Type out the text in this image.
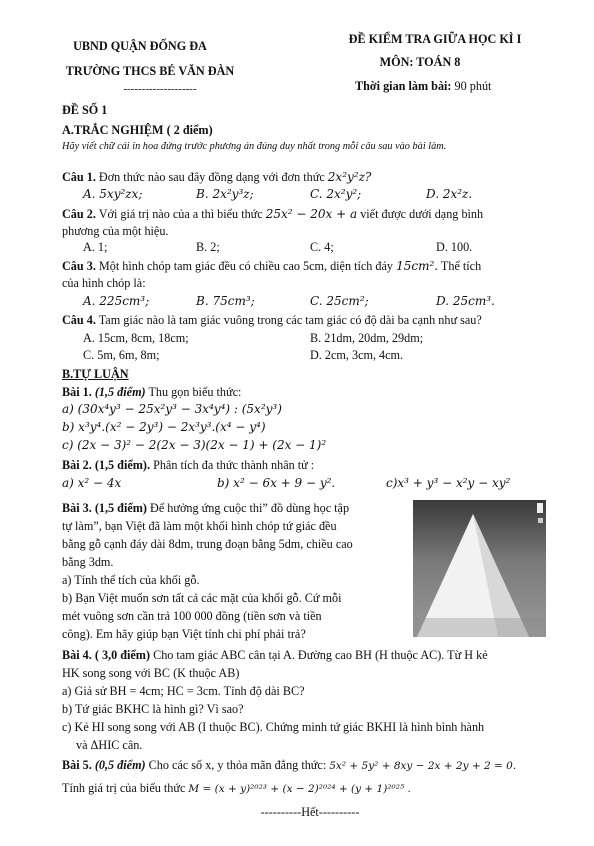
UBND QUẬN ĐỐNG ĐA
TRƯỜNG THCS BÉ VĂN ĐÀN
--------------------
ĐỀ KIỂM TRA GIỮA HỌC KÌ I
MÔN: TOÁN 8
Thời gian làm bài: 90 phút
ĐỀ SỐ 1
A.TRẮC NGHIỆM ( 2 điểm)
Hãy viết chữ cái in hoa đứng trước phương án đúng duy nhất trong mỗi câu sau vào bài làm.
Câu 1. Đơn thức nào sau đây đồng dạng với đơn thức 2x²y²z?
A. 5xy²zx;	B. 2x²y³z;	C. 2x²y²;	D. 2x²z.
Câu 2. Với giá trị nào của a thì biểu thức 25x² − 20x + a viết được dưới dạng bình
phương của một hiệu.
A. 1;	B. 2;	C. 4;	D. 100.
Câu 3. Một hình chóp tam giác đều có chiều cao 5cm, diện tích đáy 15cm². Thể tích
của hình chóp là:
A. 225cm³;	B. 75cm³;	C. 25cm²;	D. 25cm³.
Câu 4. Tam giác nào là tam giác vuông trong các tam giác có độ dài ba cạnh như sau?
A. 15cm, 8cm, 18cm;	B. 21dm, 20dm, 29dm;
C. 5m, 6m, 8m;	D. 2cm, 3cm, 4cm.
B.TỰ LUẬN
Bài 1. (1,5 điểm) Thu gọn biểu thức:
a) (30x⁴y³ − 25x²y³ − 3x⁴y⁴) : (5x²y³)
b) x³y⁴.(x² − 2y³) − 2x³y³.(x⁴ − y⁴)
c) (2x − 3)² − 2(2x − 3)(2x − 1) + (2x − 1)²
Bài 2. (1,5 điểm). Phân tích đa thức thành nhân tử :
a) x² − 4x	b) x² − 6x + 9 − y².	c)x³ + y³ − x²y − xy²
Bài 3. (1,5 điểm) Để hưởng ứng cuộc thi” đồ dùng học tập
tự làm”, bạn Việt đã làm một khối hình chóp tứ giác đều
bằng gỗ cạnh đáy dài 8dm, trung đoạn bằng 5dm, chiều cao
bằng 3dm.
a) Tính thể tích của khối gỗ.
b) Bạn Việt muốn sơn tất cả các mặt của khối gỗ. Cứ mỗi
mét vuông sơn cần trả 100 000 đồng (tiền sơn và tiền
công). Em hãy giúp bạn Việt tính chi phí phải trả?
Bài 4. ( 3,0 điểm) Cho tam giác ABC cân tại A. Đường cao BH (H thuộc AC). Từ H kẻ
HK song song với BC (K thuộc AB)
a) Giả sử BH = 4cm; HC = 3cm. Tính độ dài BC?
b) Tứ giác BKHC là hình gì? Vì sao?
c) Kẻ HI song song với AB (I thuộc BC). Chứng minh tứ giác BKHI là hình bình hành
và ΔHIC cân.
Bài 5. (0,5 điểm) Cho các số x, y thỏa mãn đẳng thức: 5x² + 5y² + 8xy − 2x + 2y + 2 = 0.
Tính giá trị của biểu thức M = (x + y)²⁰²³ + (x − 2)²⁰²⁴ + (y + 1)²⁰²⁵ .
----------Hết----------
